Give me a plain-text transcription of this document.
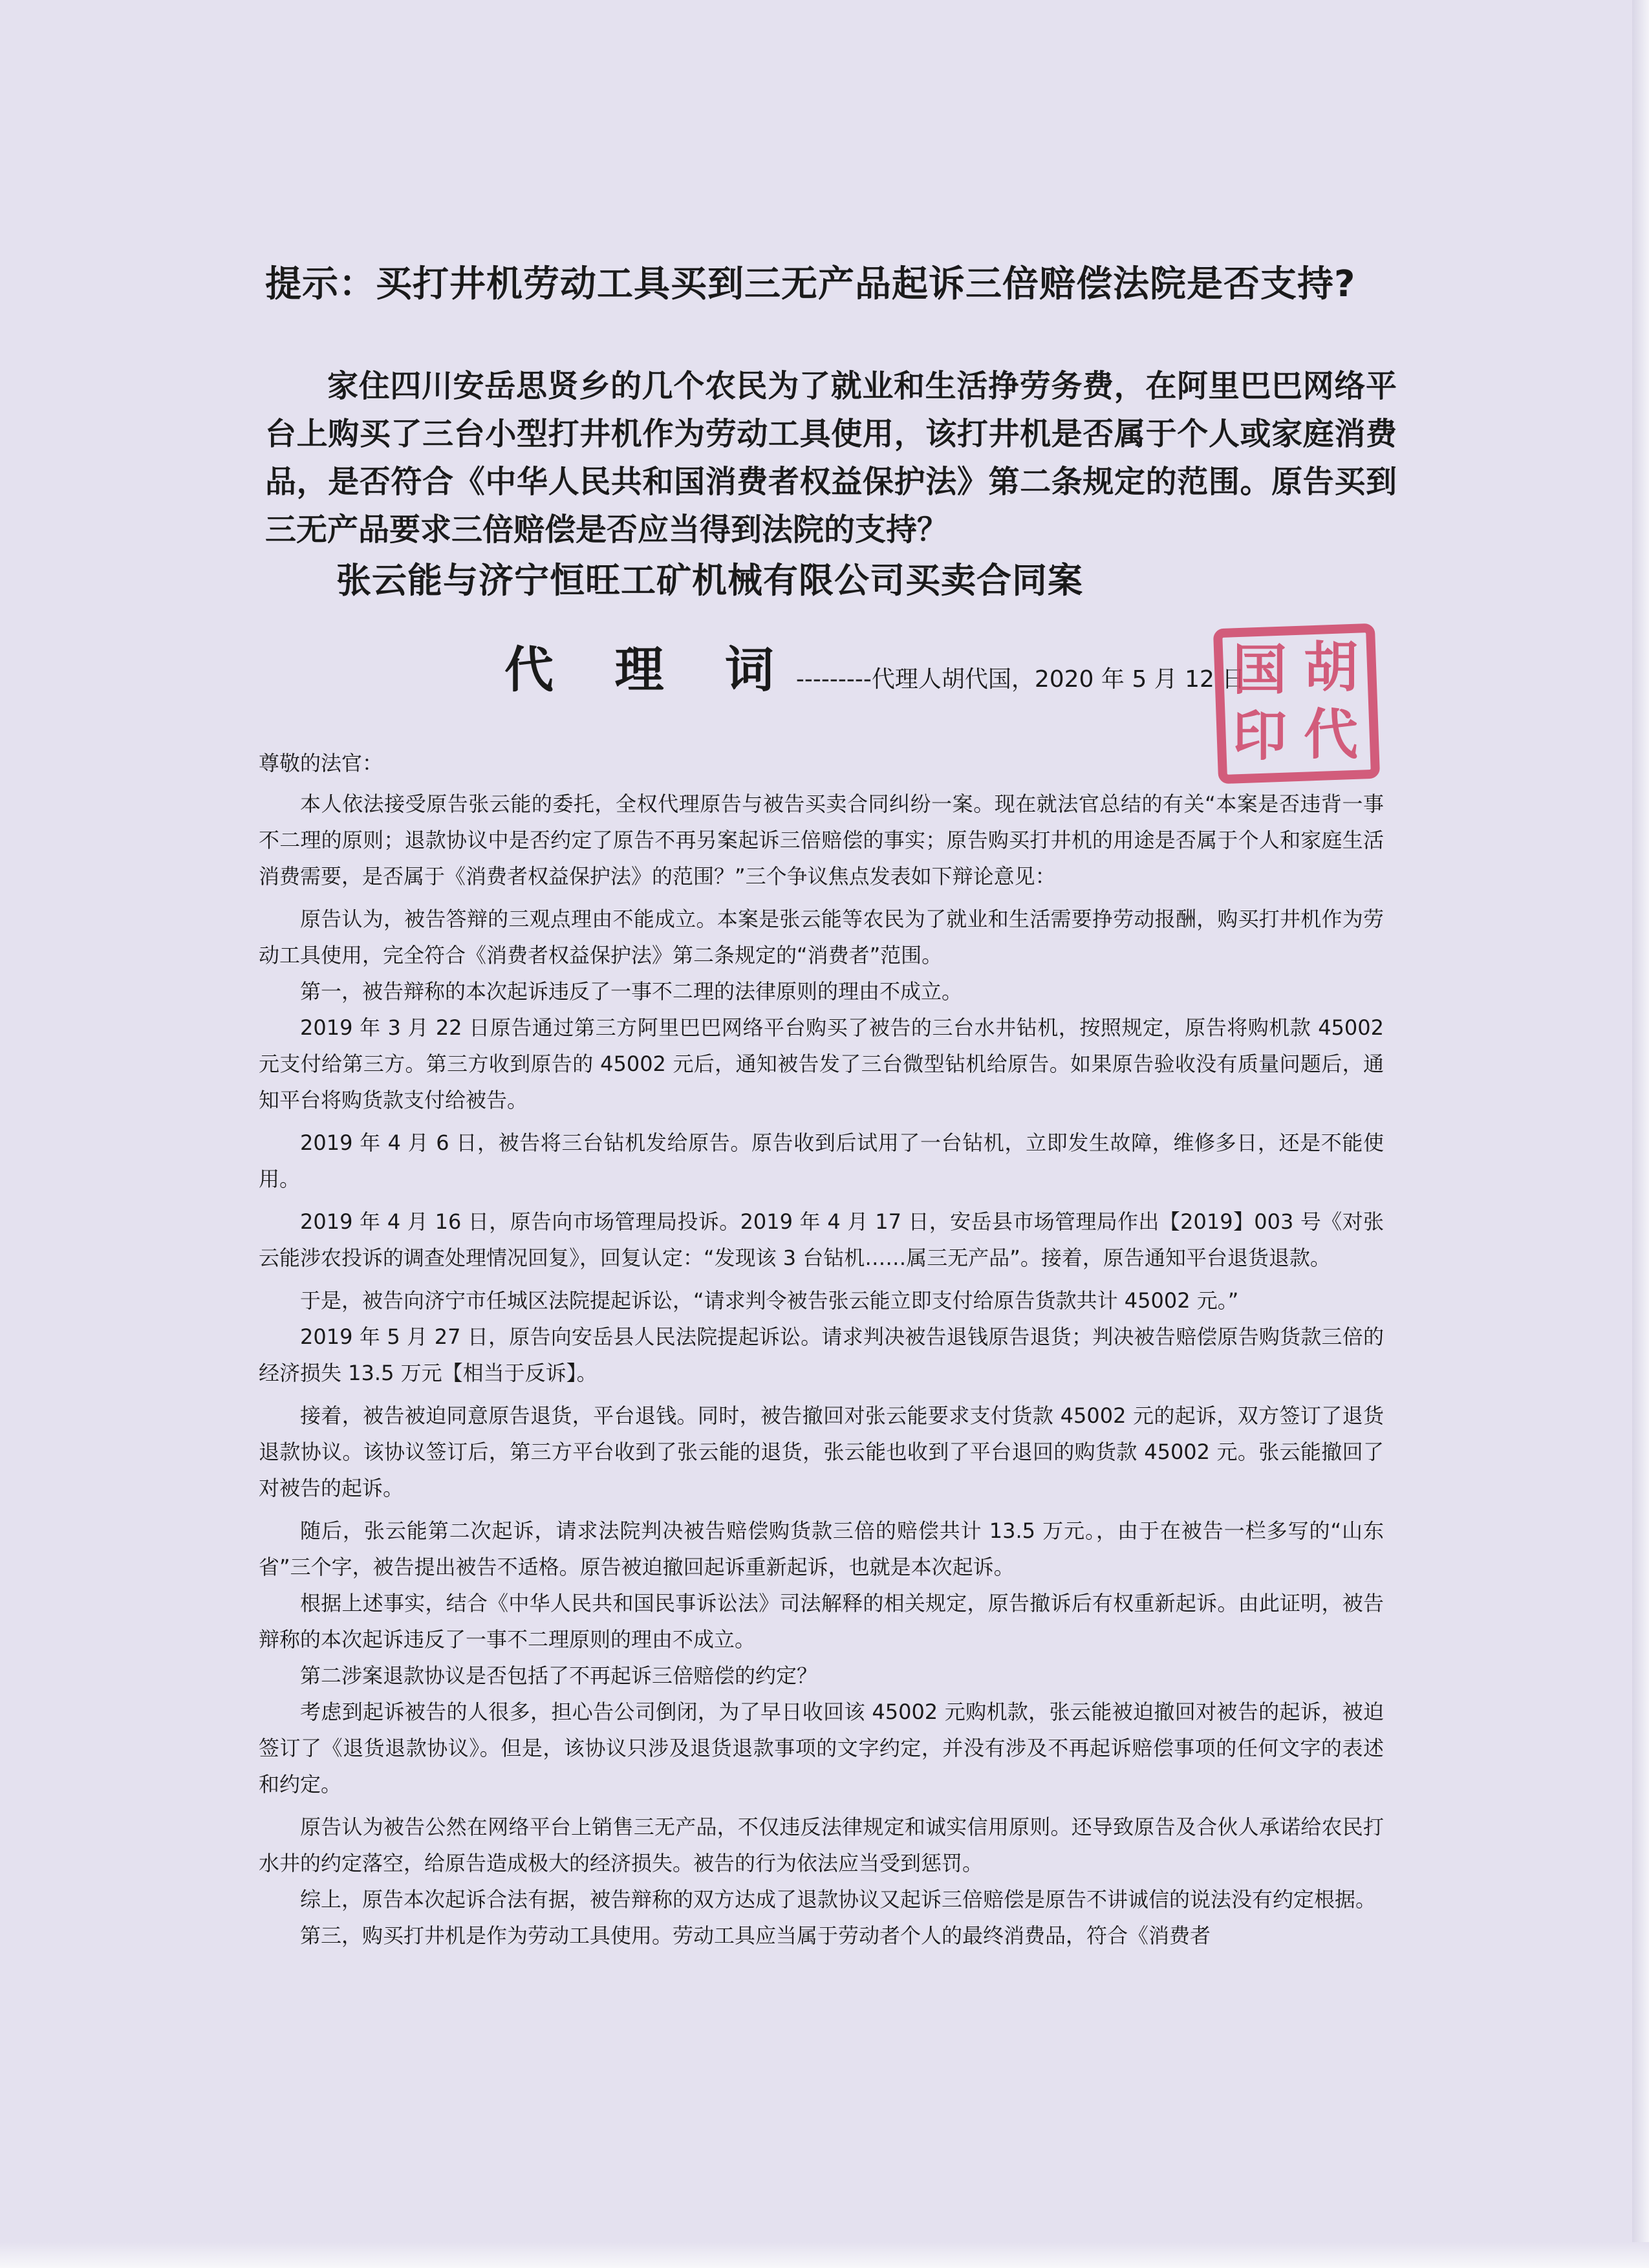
提示：买打井机劳动工具买到三无产品起诉三倍赔偿法院是否支持?

家住四川安岳思贤乡的几个农民为了就业和生活挣劳务费，在阿里巴巴网络平台上购买了三台小型打井机作为劳动工具使用，该打井机是否属于个人或家庭消费品，是否符合《中华人民共和国消费者权益保护法》第二条规定的范围。原告买到三无产品要求三倍赔偿是否应当得到法院的支持？

张云能与济宁恒旺工矿机械有限公司买卖合同案
代 理 词---------代理人胡代国，2020 年 5 月 12 日
国 胡
印 代

尊敬的法官：

本人依法接受原告张云能的委托，全权代理原告与被告买卖合同纠纷一案。现在就法官总结的有关“本案是否违背一事不二理的原则；退款协议中是否约定了原告不再另案起诉三倍赔偿的事实；原告购买打井机的用途是否属于个人和家庭生活消费需要，是否属于《消费者权益保护法》的范围？”三个争议焦点发表如下辩论意见：

原告认为，被告答辩的三观点理由不能成立。本案是张云能等农民为了就业和生活需要挣劳动报酬，购买打井机作为劳动工具使用，完全符合《消费者权益保护法》第二条规定的“消费者”范围。

第一，被告辩称的本次起诉违反了一事不二理的法律原则的理由不成立。

2019 年 3 月 22 日原告通过第三方阿里巴巴网络平台购买了被告的三台水井钻机，按照规定，原告将购机款 45002 元支付给第三方。第三方收到原告的 45002 元后，通知被告发了三台微型钻机给原告。如果原告验收没有质量问题后，通知平台将购货款支付给被告。

2019 年 4 月 6 日，被告将三台钻机发给原告。原告收到后试用了一台钻机，立即发生故障，维修多日，还是不能使用。

2019 年 4 月 16 日，原告向市场管理局投诉。2019 年 4 月 17 日，安岳县市场管理局作出【2019】003 号《对张云能涉农投诉的调查处理情况回复》，回复认定：“发现该 3 台钻机……属三无产品”。接着，原告通知平台退货退款。

于是，被告向济宁市任城区法院提起诉讼，“请求判令被告张云能立即支付给原告货款共计 45002 元。”

2019 年 5 月 27 日，原告向安岳县人民法院提起诉讼。请求判决被告退钱原告退货；判决被告赔偿原告购货款三倍的经济损失 13.5 万元【相当于反诉】。

接着，被告被迫同意原告退货，平台退钱。同时，被告撤回对张云能要求支付货款 45002 元的起诉，双方签订了退货退款协议。该协议签订后，第三方平台收到了张云能的退货，张云能也收到了平台退回的购货款 45002 元。张云能撤回了对被告的起诉。

随后，张云能第二次起诉，请求法院判决被告赔偿购货款三倍的赔偿共计 13.5 万元。，由于在被告一栏多写的“山东省”三个字，被告提出被告不适格。原告被迫撤回起诉重新起诉，也就是本次起诉。

根据上述事实，结合《中华人民共和国民事诉讼法》司法解释的相关规定，原告撤诉后有权重新起诉。由此证明，被告辩称的本次起诉违反了一事不二理原则的理由不成立。

第二涉案退款协议是否包括了不再起诉三倍赔偿的约定？

考虑到起诉被告的人很多，担心告公司倒闭，为了早日收回该 45002 元购机款，张云能被迫撤回对被告的起诉，被迫签订了《退货退款协议》。但是，该协议只涉及退货退款事项的文字约定，并没有涉及不再起诉赔偿事项的任何文字的表述和约定。

原告认为被告公然在网络平台上销售三无产品，不仅违反法律规定和诚实信用原则。还导致原告及合伙人承诺给农民打水井的约定落空，给原告造成极大的经济损失。被告的行为依法应当受到惩罚。

综上，原告本次起诉合法有据，被告辩称的双方达成了退款协议又起诉三倍赔偿是原告不讲诚信的说法没有约定根据。

第三，购买打井机是作为劳动工具使用。劳动工具应当属于劳动者个人的最终消费品，符合《消费者
